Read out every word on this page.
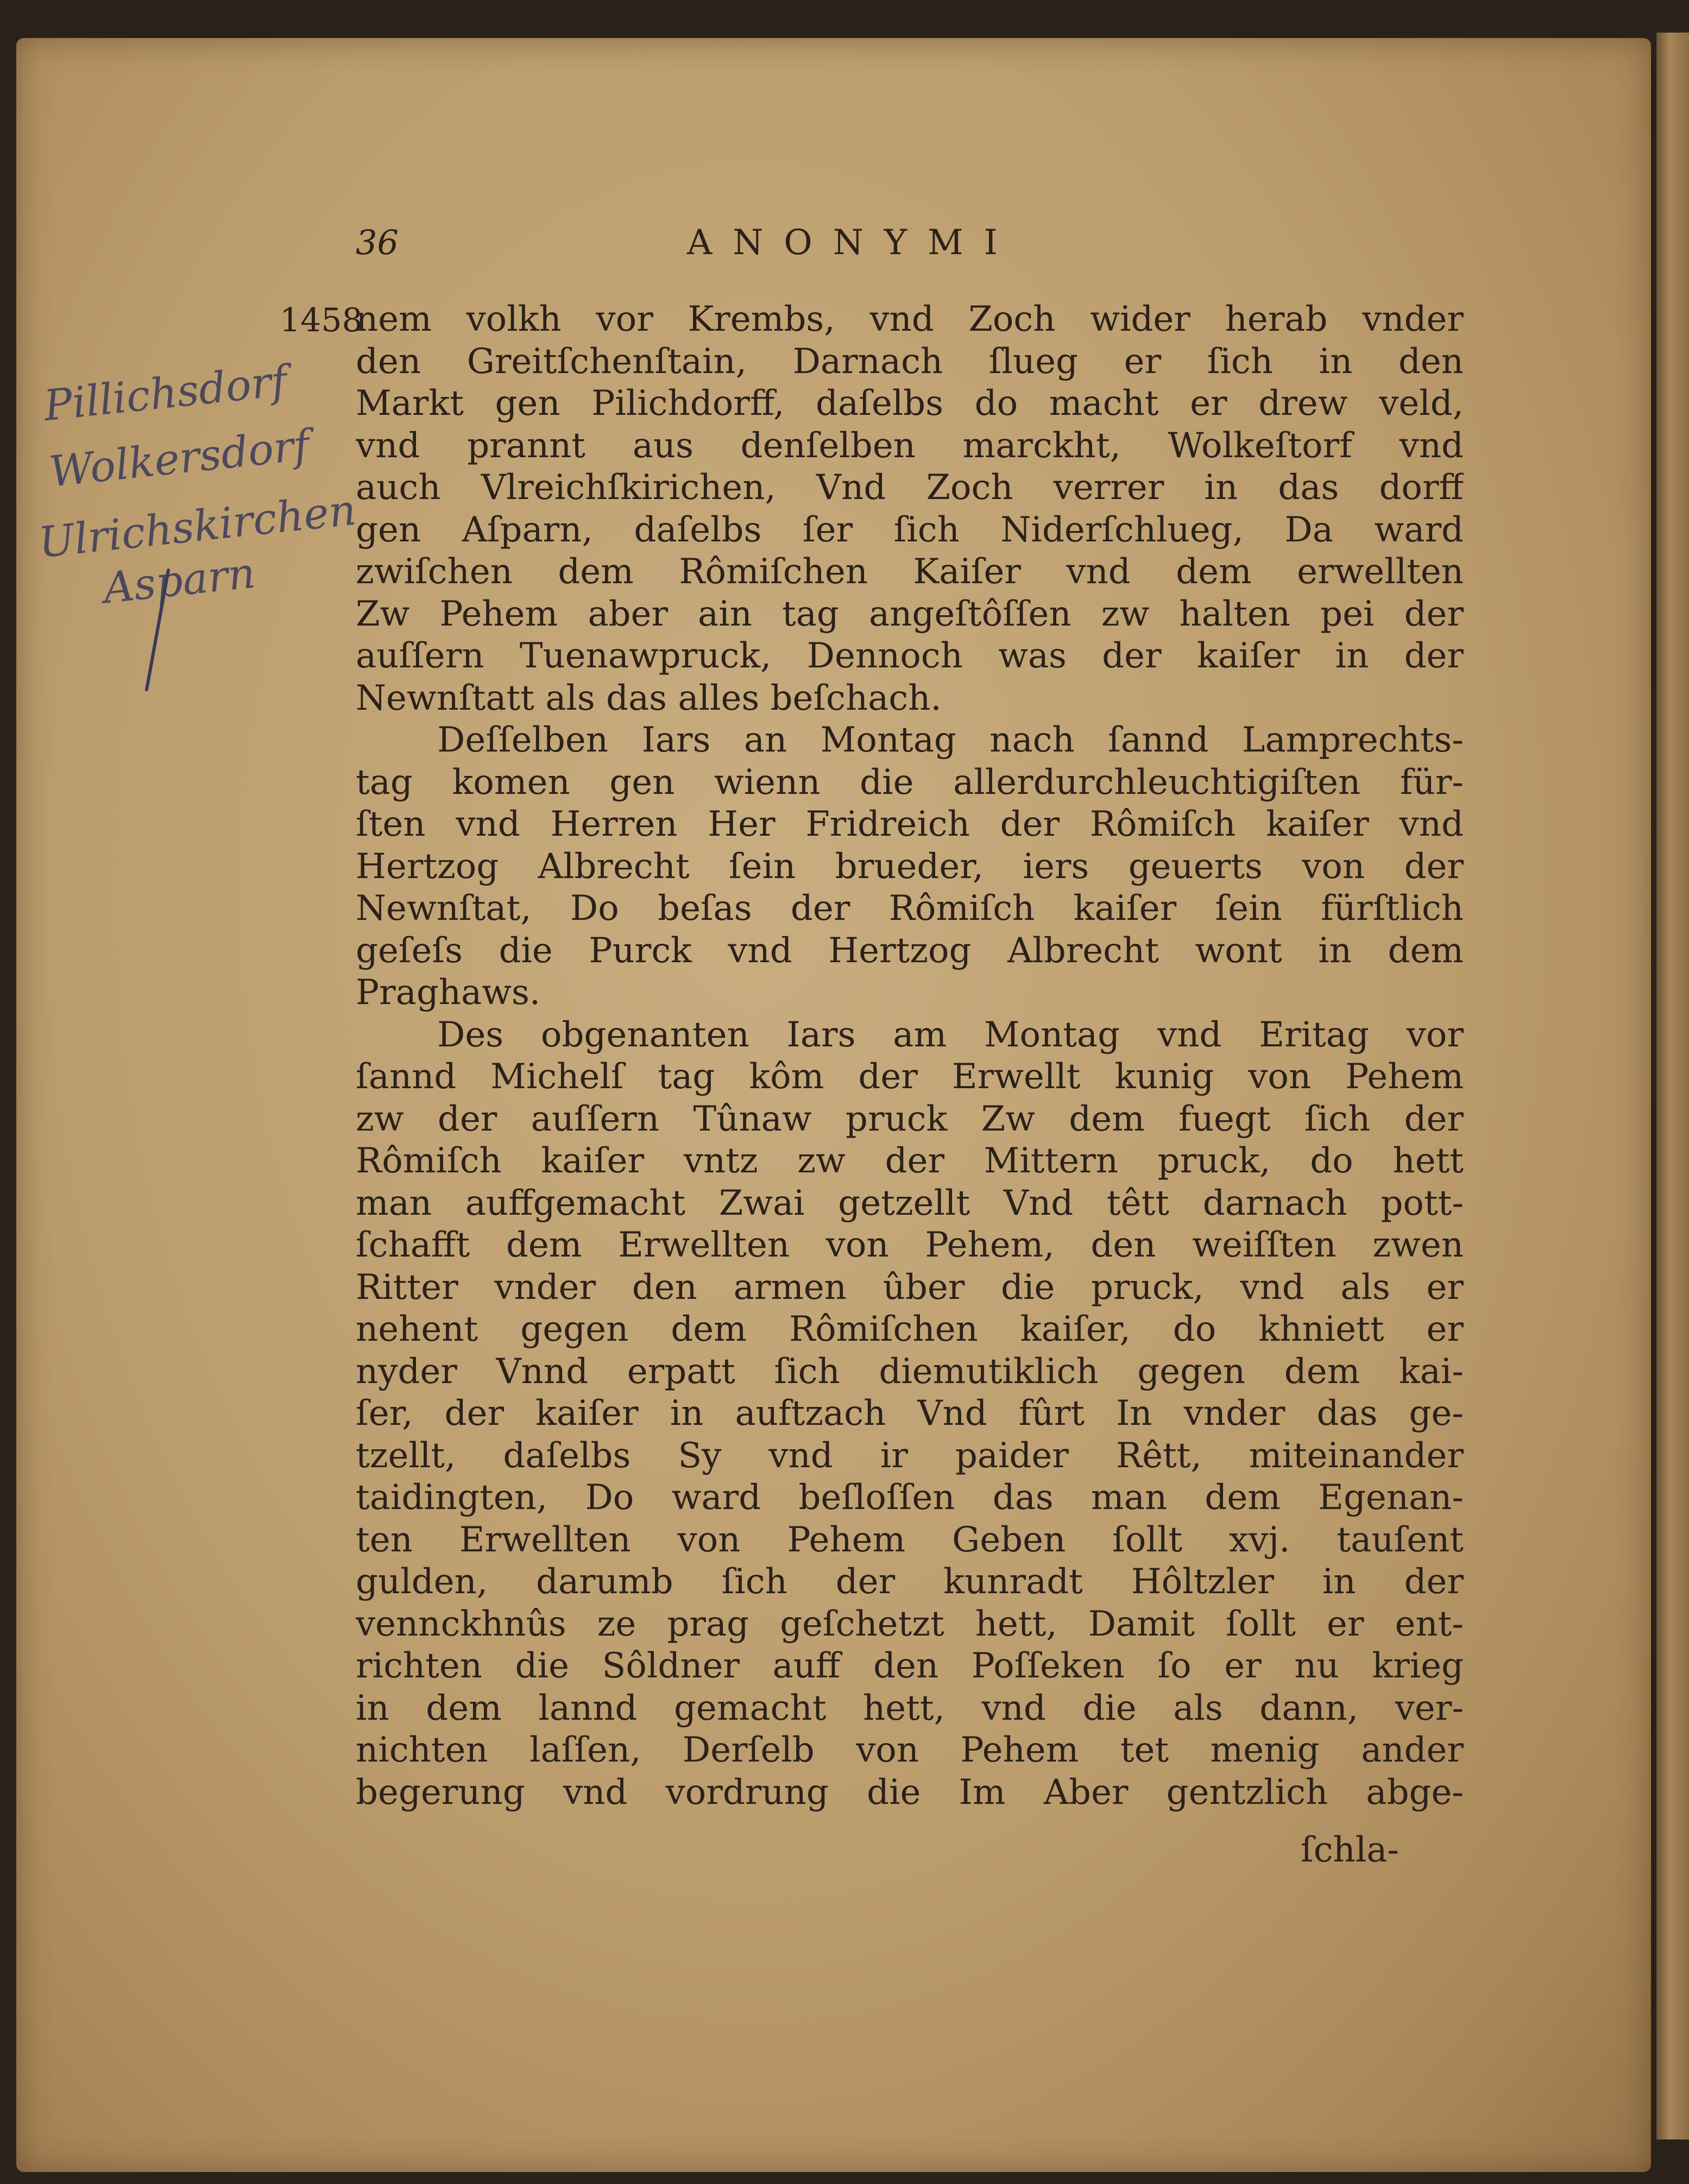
36	ANONYMI
Pillichsdorf
Wolkersdorf
Ulrichskirchen
Asparn
1458
nem volkh vor Krembs, vnd Zoch wider herab vnder
den Greitſchenſtain, Darnach ſlueg er ſich in den
Markt gen Pilichdorff, daſelbs do macht er drew veld,
vnd prannt aus denſelben marckht, Wolkeſtorf vnd
auch Vlreichſkirichen, Vnd Zoch verrer in das dorff
gen Aſparn, daſelbs ſer ſich Niderſchlueg, Da ward
zwiſchen dem Rômiſchen Kaiſer vnd dem erwellten
Zw Pehem aber ain tag angeſtôſſen zw halten pei der
auſſern Tuenawpruck, Dennoch was der kaiſer in der
Newnſtatt als das alles beſchach.
Deſſelben Iars an Montag nach ſannd Lamprechts-
tag komen gen wienn die allerdurchleuchtigiſten für-
ſten vnd Herren Her Fridreich der Rômiſch kaiſer vnd
Hertzog Albrecht ſein brueder, iers geuerts von der
Newnſtat, Do beſas der Rômiſch kaiſer ſein fürſtlich
geſeſs die Purck vnd Hertzog Albrecht wont in dem
Praghaws.
Des obgenanten Iars am Montag vnd Eritag vor
ſannd Michelſ tag kôm der Erwellt kunig von Pehem
zw der auſſern Tûnaw pruck Zw dem fuegt ſich der
Rômiſch kaiſer vntz zw der Mittern pruck, do hett
man auffgemacht Zwai getzellt Vnd têtt darnach pott-
ſchafft dem Erwellten von Pehem, den weiſſten zwen
Ritter vnder den armen ûber die pruck, vnd als er
nehent gegen dem Rômiſchen kaiſer, do khniett er
nyder Vnnd erpatt ſich diemutiklich gegen dem kai-
ſer, der kaiſer in auftzach Vnd fûrt In vnder das ge-
tzellt, daſelbs Sy vnd ir paider Rêtt, miteinander
taidingten, Do ward beſloſſen das man dem Egenan-
ten Erwellten von Pehem Geben ſollt xvj. tauſent
gulden, darumb ſich der kunradt Hôltzler in der
vennckhnûs ze prag geſchetzt hett, Damit ſollt er ent-
richten die Sôldner auff den Poſſeken ſo er nu krieg
in dem lannd gemacht hett, vnd die als dann, ver-
nichten laſſen, Derſelb von Pehem tet menig ander
begerung vnd vordrung die Im Aber gentzlich abge-
ſchla-
